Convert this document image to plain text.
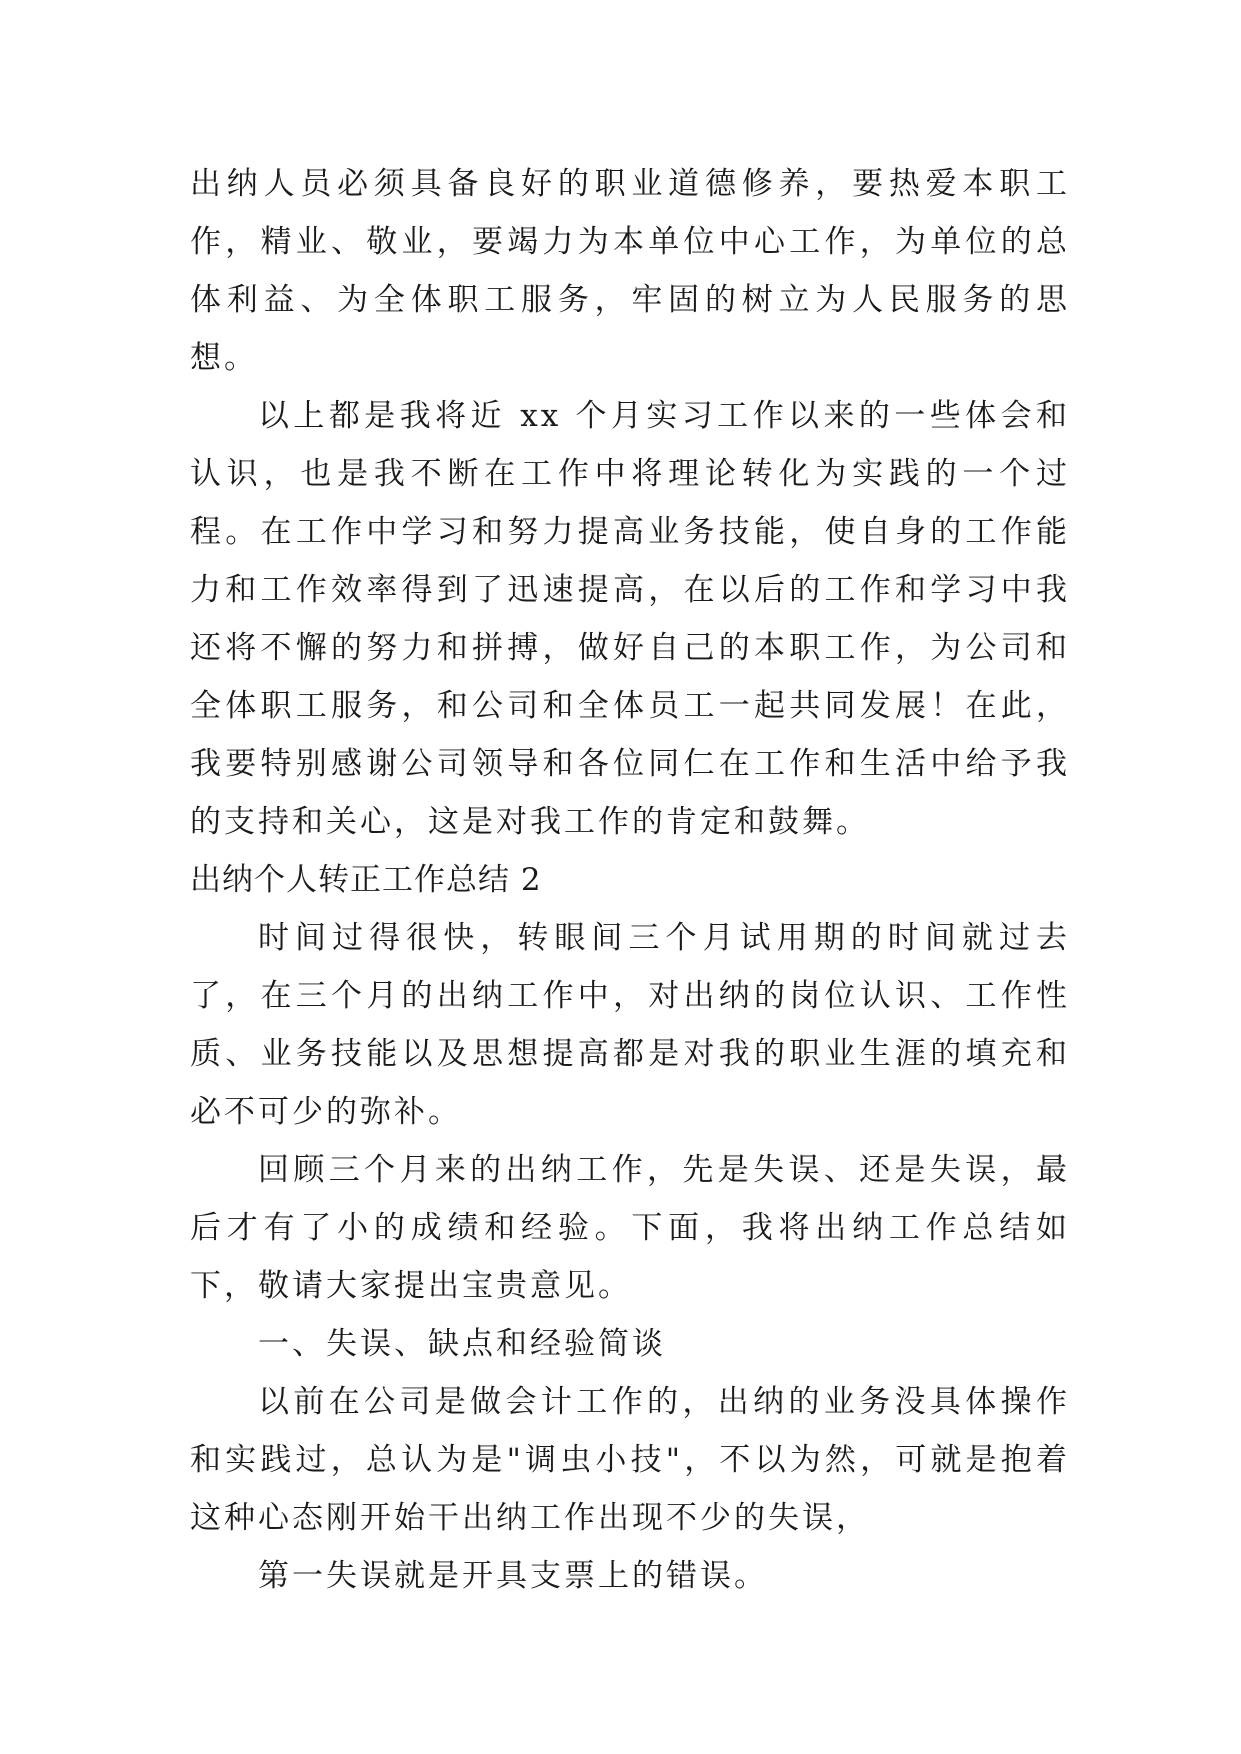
出纳人员必须具备良好的职业道德修养，要热爱本职工作，精业、敬业，要竭力为本单位中心工作，为单位的总体利益、为全体职工服务，牢固的树立为人民服务的思想。

以上都是我将近 xx 个月实习工作以来的一些体会和认识，也是我不断在工作中将理论转化为实践的一个过程。在工作中学习和努力提高业务技能，使自身的工作能力和工作效率得到了迅速提高，在以后的工作和学习中我还将不懈的努力和拼搏，做好自己的本职工作，为公司和全体职工服务，和公司和全体员工一起共同发展！在此，我要特别感谢公司领导和各位同仁在工作和生活中给予我的支持和关心，这是对我工作的肯定和鼓舞。

出纳个人转正工作总结 2

时间过得很快，转眼间三个月试用期的时间就过去了，在三个月的出纳工作中，对出纳的岗位认识、工作性质、业务技能以及思想提高都是对我的职业生涯的填充和必不可少的弥补。

回顾三个月来的出纳工作，先是失误、还是失误，最后才有了小的成绩和经验。下面，我将出纳工作总结如下，敬请大家提出宝贵意见。

一、失误、缺点和经验简谈

以前在公司是做会计工作的，出纳的业务没具体操作和实践过，总认为是"调虫小技"，不以为然，可就是抱着这种心态刚开始干出纳工作出现不少的失误，

第一失误就是开具支票上的错误。
